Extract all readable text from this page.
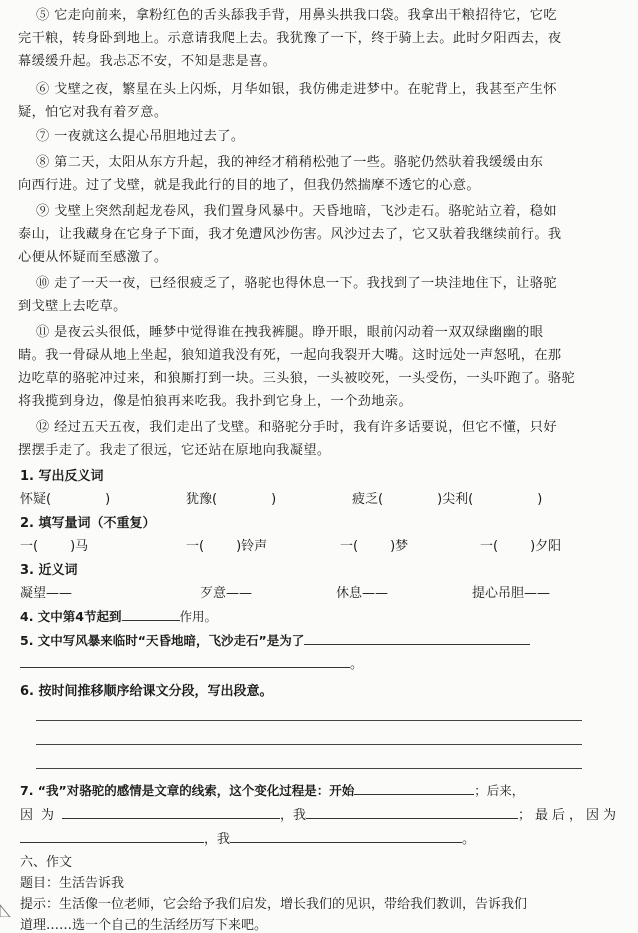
⑤ 它走向前来，拿粉红色的舌头舔我手背，用鼻头拱我口袋。我拿出干粮招待它，它吃
完干粮，转身卧到地上。示意请我爬上去。我犹豫了一下，终于骑上去。此时夕阳西去，夜
幕缓缓升起。我忐忑不安，不知是悲是喜。
⑥ 戈壁之夜，繁星在头上闪烁，月华如银，我仿佛走进梦中。在驼背上，我甚至产生怀
疑，怕它对我有着歹意。
⑦ 一夜就这么提心吊胆地过去了。
⑧ 第二天，太阳从东方升起，我的神经才稍稍松弛了一些。骆驼仍然驮着我缓缓由东
向西行进。过了戈壁，就是我此行的目的地了，但我仍然揣摩不透它的心意。
⑨ 戈壁上突然刮起龙卷风，我们置身风暴中。天昏地暗，飞沙走石。骆驼站立着，稳如
泰山，让我藏身在它身子下面，我才免遭风沙伤害。风沙过去了，它又驮着我继续前行。我
心便从怀疑而至感激了。
⑩ 走了一天一夜，已经很疲乏了，骆驼也得休息一下。我找到了一块洼地住下，让骆驼
到戈壁上去吃草。
⑪ 是夜云头很低，睡梦中觉得谁在拽我裤腿。睁开眼，眼前闪动着一双双绿幽幽的眼
睛。我一骨碌从地上坐起，狼知道我没有死，一起向我裂开大嘴。这时远处一声怒吼，在那
边吃草的骆驼冲过来，和狼厮打到一块。三头狼，一头被咬死，一头受伤，一头吓跑了。骆驼
将我揽到身边，像是怕狼再来吃我。我扑到它身上，一个劲地亲。
⑫ 经过五天五夜，我们走出了戈壁。和骆驼分手时，我有许多话要说，但它不懂，只好
摆摆手走了。我走了很远，它还站在原地向我凝望。
1. 写出反义词
怀疑(	)	犹豫(	)	疲乏(	)尖利(	)
2. 填写量词（不重复）
一( )马	一( )铃声	一( )梦	一( )夕阳
3. 近义词
凝望——	歹意——	休息——	提心吊胆——
4. 文中第4节起到	作用。
5. 文中写风暴来临时“天昏地暗，飞沙走石”是为了
。
6. 按时间推移顺序给课文分段，写出段意。
7. “我”对骆驼的感情是文章的线索，这个变化过程是：开始	；后来，
因为	，我	；最后，因为
，我	。
六、作文
题目：生活告诉我
提示：生活像一位老师，它会给予我们启发，增长我们的见识，带给我们教训，告诉我们
道理……选一个自己的生活经历写下来吧。
